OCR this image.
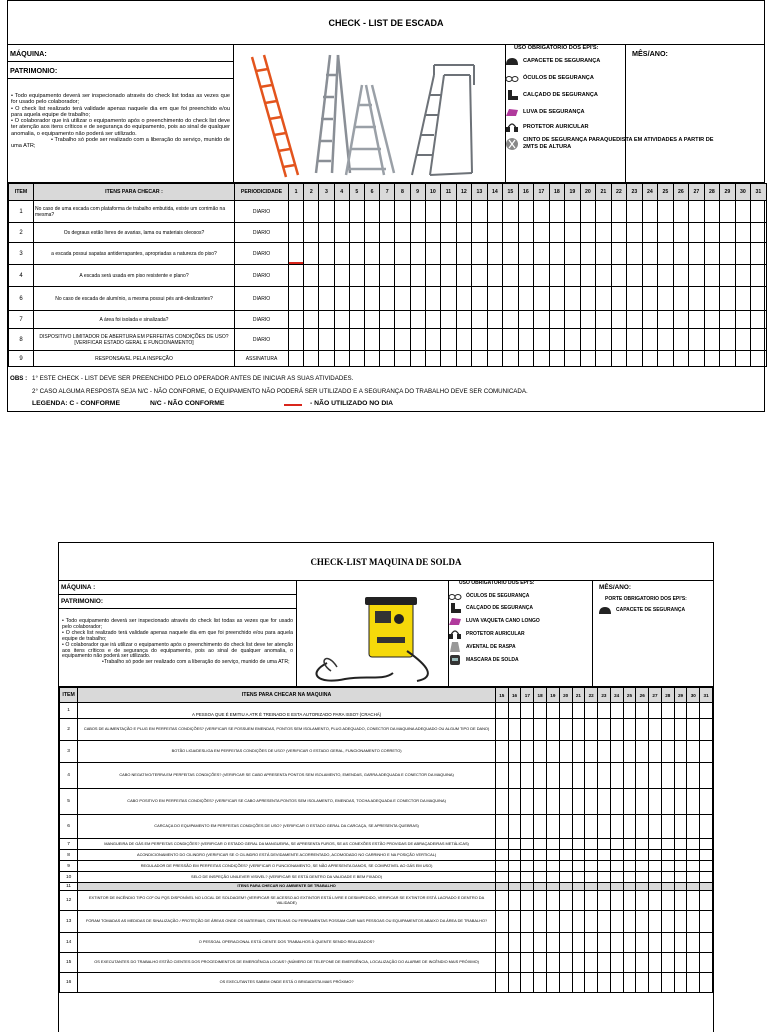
CHECK - LIST DE ESCADA
MÁQUINA:
PATRIMONIO:

• Todo equipamento deverá ser inspecionado através do check list todas as vezes que for usado pelo colaborador;

• O check list realizado terá validade apenas naquele dia em que foi preenchido e/ou para aquela equipe de trabalho;

• O colaborador que irá utilizar o equipamento após o preenchimento do check list deve ter atenção aos itens críticos e de segurança do equipamento, pois ao sinal de qualquer anomalia, o equipamento não poderá ser utilizado.

• Trabalho só pode ser realizado com a liberação do serviço, munido de uma ATR;

USO OBRIGATORIO DOS EPI'S:
CAPACETE DE SEGURANÇA
ÓCULOS DE SEGURANÇA
CALÇADO DE SEGURANÇA
LUVA DE SEGURANÇA
PROTETOR AURICULAR
CINTO DE SEGURANÇA PARAQUEDISTA EM ATIVIDADES A PARTIR DE 2MTS DE ALTURA
MÊS/ANO:
ITEM	ITENS PARA CHECAR :	PERIODICIDADE	1	2	3	4	5	6	7	8	9	10	11	12	13	14	15	16	17	18	19	20	21	22	23	24	25	26	27	28	29	30	31
1	No caso de uma escada com plataforma de trabalho embutida, existe um corrimão na mesma?	DIARIO																															
2	Os degraus estão livres de avarias, lama ou materiais oleosos?	DIARIO																															
3	a escada possui sapatas antiderrapantes, apropriadas a natureza do piso?	DIARIO	

4	A escada será usada em piso resistente e plano?	DIARIO																															
6	No caso de escada de alumínio, a mesma possui pés anti-deslizantes?	DIARIO																															
7	A área foi isolada e sinalizada?	DIARIO																															
8	DISPOSITIVO LIMITADOR DE ABERTURA EM PERFEITAS CONDIÇÕES DE USO? [VERIFICAR ESTADO GERAL E FUNCIONAMENTO]	DIARIO																															
9	RESPONSAVEL PELA INSPEÇÃO	ASSINATURA																															
OBS : 1° ESTE CHECK - LIST DEVE SER PREENCHIDO PELO OPERADOR ANTES DE INICIAR AS SUAS ATIVIDADES.
2° CASO ALGUMA RESPOSTA SEJA N/C - NÃO CONFORME, O EQUIPAMENTO NÃO PODERÁ SER UTILIZADO E A SEGURANÇA DO TRABALHO DEVE SER COMUNICADA.
LEGENDA: C - CONFORME	N/C - NÃO CONFORME	- NÃO UTILIZADO NO DIA
CHECK-LIST MAQUINA DE SOLDA
MÁQUINA :
PATRIMONIO:

• Todo equipamento deverá ser inspecionado através do check list todas as vezes que for usado pelo colaborador;

• O check list realizado terá validade apenas naquele dia em que foi preenchido e/ou para aquela equipe de trabalho;

• O colaborador que irá utilizar o equipamento após o preenchimento do check list deve ter atenção aos itens críticos e de segurança do equipamento, pois ao sinal de qualquer anomalia, o equipamento não poderá ser utilizado.

•Trabalho só pode ser realizado com a liberação do serviço, munido de uma ATR;

USO OBRIGATORIO DOS EPI'S:
ÓCULOS DE SEGURANÇA
CALÇADO DE SEGURANÇA
LUVA VAQUETA CANO LONGO
PROTETOR AURICULAR
AVENTAL DE RASPA
MASCARA DE SOLDA
MÊS/ANO:
PORTE OBRIGATORIO DOS EPI'S:
CAPACETE DE SEGURANÇA
ITEM	ITENS PARA CHECAR NA MAQUINA	15	16	17	18	19	20	21	22	23	24	25	26	27	28	29	30	31
1	A PESSOA QUE É EMITIU A ATR É TREINADO E ESTA AUTORIZADO PARA ISSO? (CRACHÁ)																	
2	CABOS DE ALIMENTAÇÃO E PLUG EM PERFEITAS CONDIÇÕES? (VERIFICAR SE POSSUEM EMENDAS, PONTOS SEM ISOLAMENTO, PLUG ADEQUADO, CONECTOR DA MAQUINA ADEQUADO OU ALGUM TIPO DE DANO)																	
3	BOTÃO LIGA/DESLIGA EM PERFEITAS CONDIÇÕES DE USO? (VERIFICAR O ESTADO GERAL, FUNCIONAMENTO CORRETO)																	
4	CABO NEGATIVO/TERRA EM PERFEITAS CONDIÇÕES? (VERIFICAR SE CABO APRESENTA PONTOS SEM ISOLAMENTO, EMENDAS, GARRA ADEQUADA E CONECTOR DA MAQUINA)																	
5	CABO POSITIVO EM PERFEITAS CONDIÇÕES? (VERIFICAR SE CABO APRESENTA PONTOS SEM ISOLAMENTO, EMENDAS, TOCHA ADEQUADA E CONECTOR DA MAQUINA)																	
6	CARCAÇA DO EQUIPAMENTO EM PERFEITAS CONDIÇÕES DE USO? (VERIFICAR O ESTADO GERAL DA CARCAÇA, SE APRESENTA QUEBRAS)																	
7	MANGUEIRA DE GÁS EM PERFEITAS CONDIÇÕES? (VERIFICAR O ESTADO GERAL DA MANGUEIRA, SE APRESENTA FUROS, SE AS CONEXÕES ESTÃO PROVIDAS DE ABRAÇADEIRAS METÁLICAS)																	
8	ACONDICIONAMENTO DO CILINDRO (VERIFICAR SE O CILINDRO ESTÁ DEVIDAMENTE ACORRENTADO, ACOMODADO NO CARRINHO E NA POSIÇÃO VERTICAL)																	
9	REGULADOR DE PRESSÃO EM PERFEITAS CONDIÇÕES? (VERIFICAR O FUNCIONAMENTO, SE NÃO APRESENTA DANOS, SE COMPATIVEL AO GÁS EM USO)																	
10	SELO DE INSPEÇÃO UNILEVER VISIVEL? (VERIFICAR SE ESTÁ DENTRO DA VALIDADE E BEM FIXADO)																	
11	ITENS PARA CHECAR NO AMBIENTE DE TRABALHO																	
12	EXTINTOR DE INCÊNDIO TIPO CO² OU PQS DISPONÍVEL NO LOCAL DE SOLDAGEM? (VERIFICAR SE ACESSO AO EXTINTOR ESTÁ LIVRE E DESIMPEDIDO, VERIFICAR SE EXTINTOR ESTÁ LACRADO E DENTRO DA VALIDADE)																	
13	FORAM TOMADAS AS MEDIDAS DE SINALIZAÇÃO / PROTEÇÃO DE ÁREAS ONDE OS MATERIAIS, CENTELHAS OU FERRAMENTAS POSSAM CAIR NAS PESSOAS OU EQUIPAMENTOS ABAIXO DA ÁREA DE TRABALHO?																	
14	O PESSOAL OPERACIONAL ESTÁ CIENTE DOS TRABALHOS À QUENTE SENDO REALIZADOS?																	
15	OS EXECUTANTES DO TRABALHO ESTÃO CIENTES DOS PROCEDIMENTOS DE EMERGÊNCIA LOCAIS? (NÚMERO DE TELEFONE DE EMERGÊNCIA, LOCALIZAÇÃO DO ALARME DE INCÊNDIO MAIS PRÓXIMO)																	
16	OS EXECUTANTES SABEM ONDE ESTÁ O BRIGADISTA MAIS PRÓXIMO?																	
